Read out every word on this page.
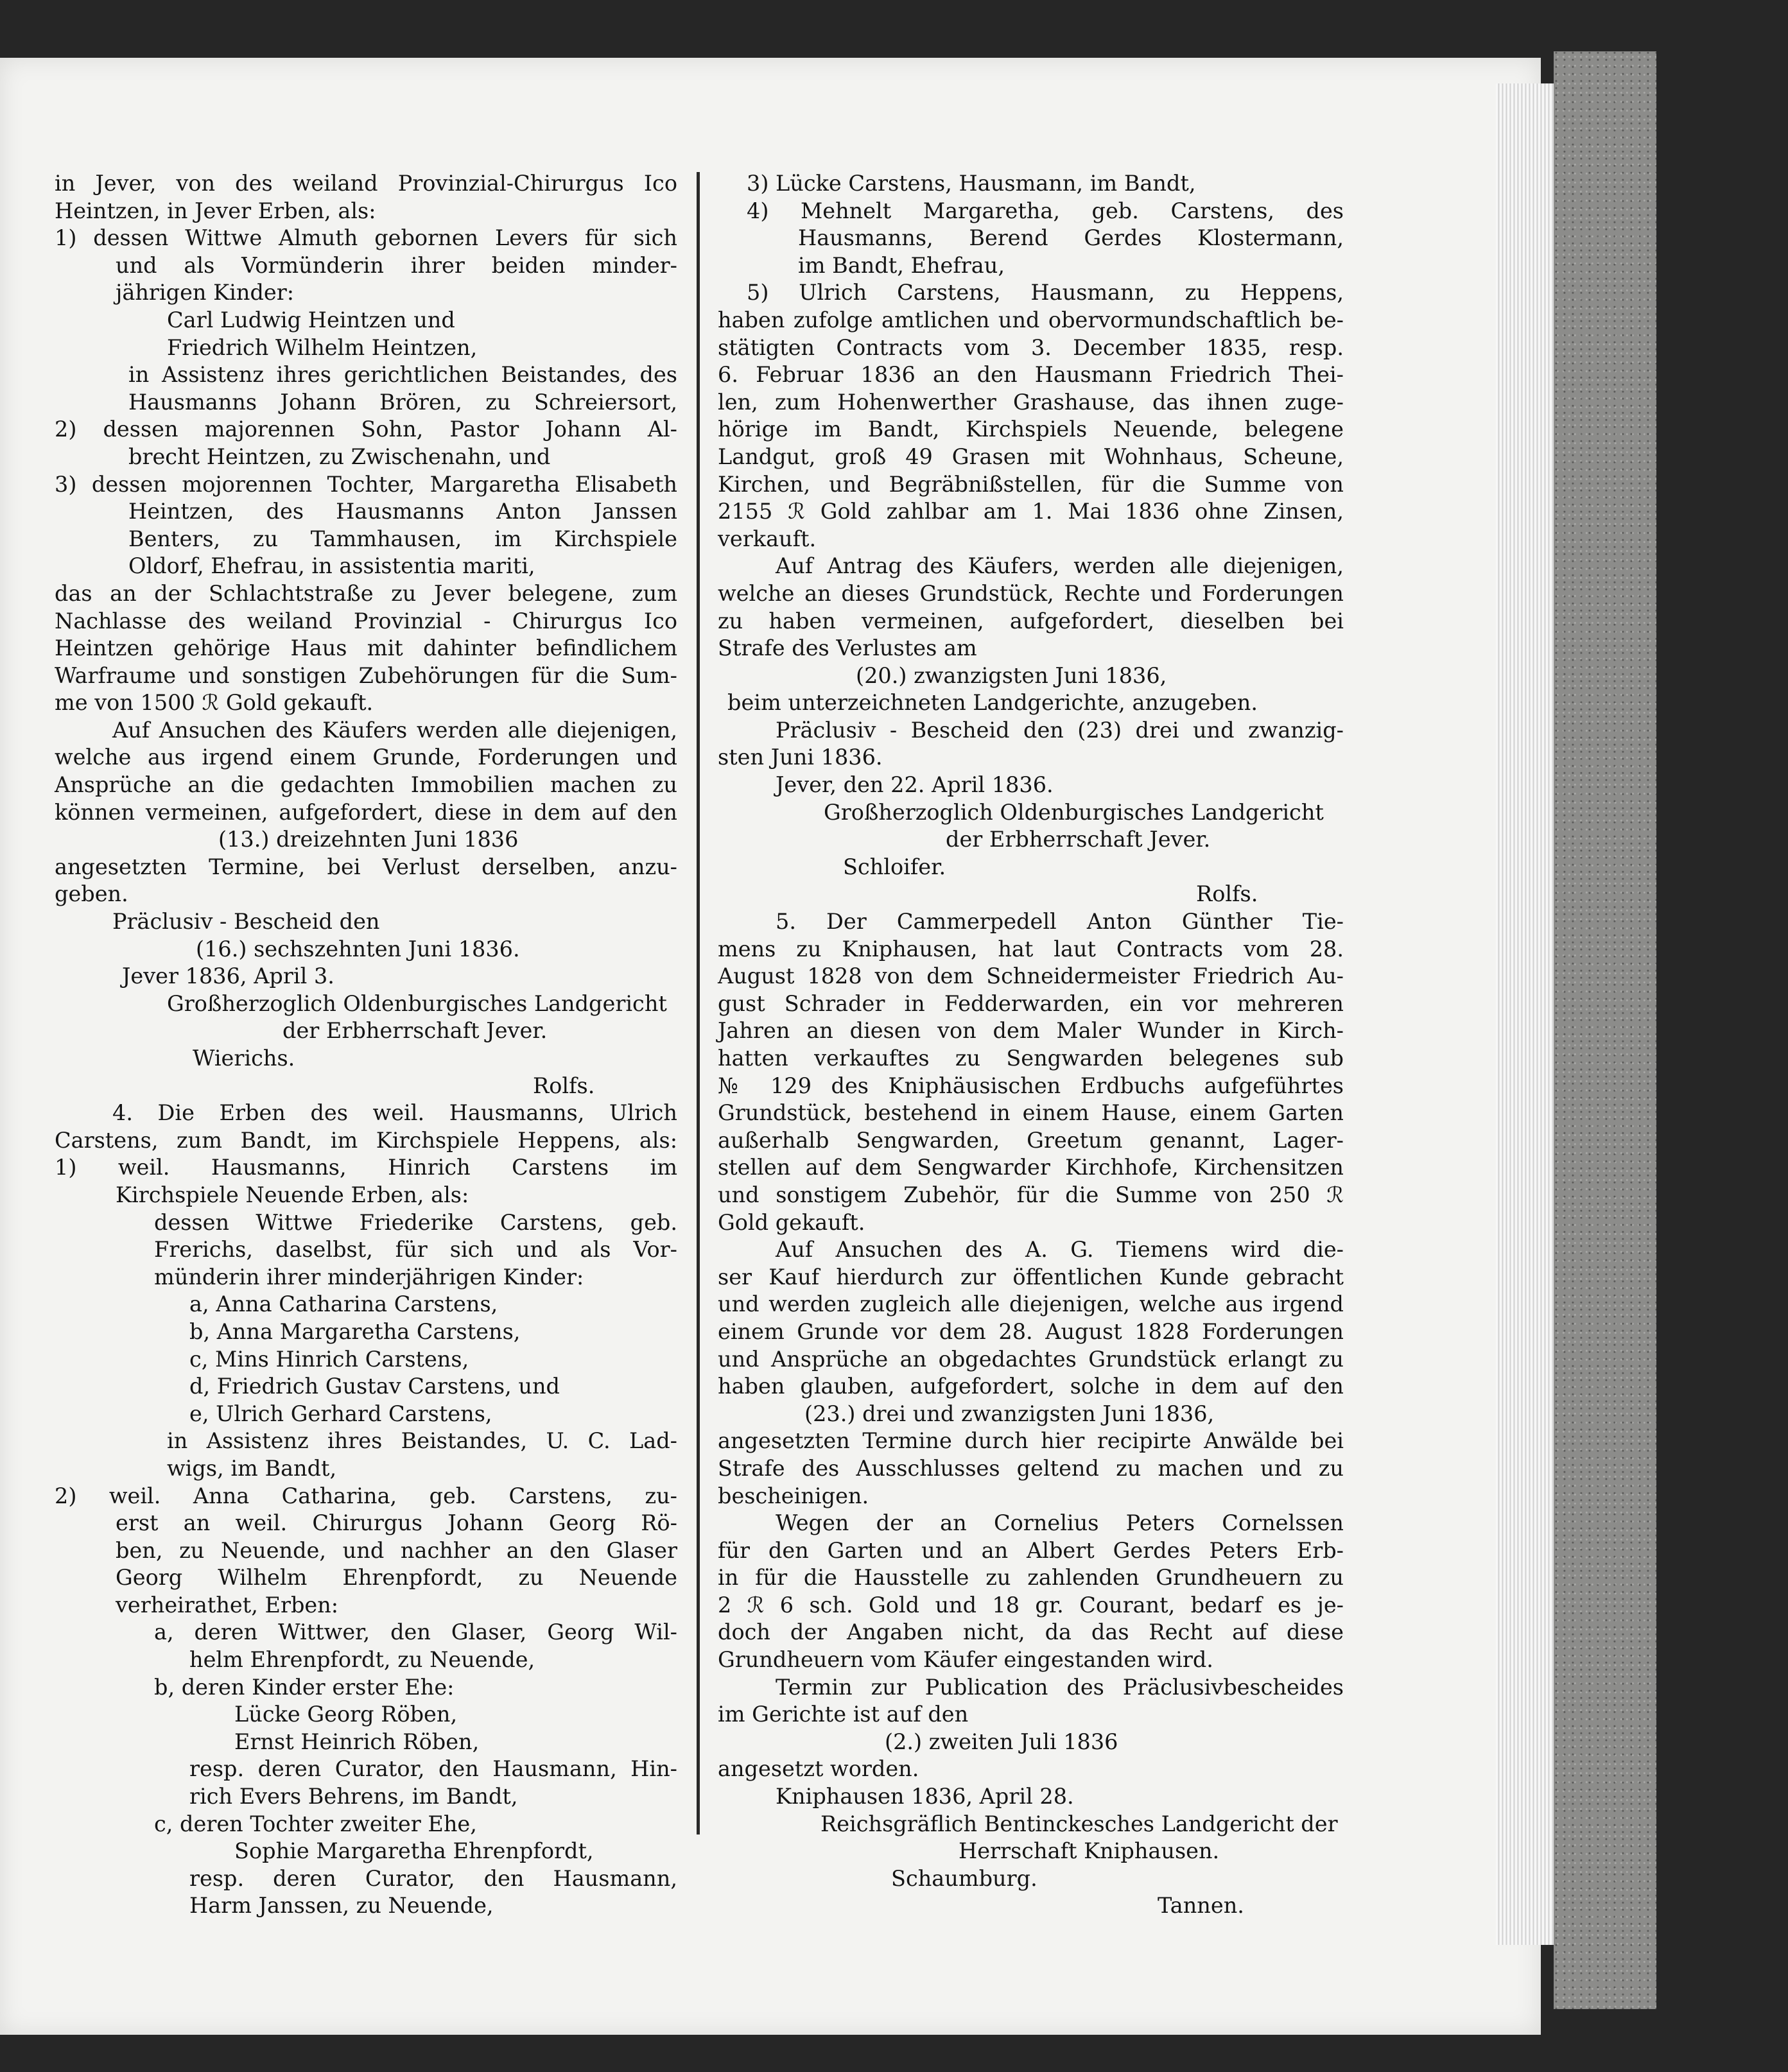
in Jever, von des weiland Provinzial-Chirurgus Ico
Heintzen, in Jever Erben, als:
1) dessen Wittwe Almuth gebornen Levers für sich
und als Vormünderin ihrer beiden minder-
jährigen Kinder:
Carl Ludwig Heintzen und
Friedrich Wilhelm Heintzen,
in Assistenz ihres gerichtlichen Beistandes, des
Hausmanns Johann Brören, zu Schreiersort,
2) dessen majorennen Sohn, Pastor Johann Al-
brecht Heintzen, zu Zwischenahn, und
3) dessen mojorennen Tochter, Margaretha Elisabeth
Heintzen, des Hausmanns Anton Janssen
Benters, zu Tammhausen, im Kirchspiele
Oldorf, Ehefrau, in assistentia mariti,
das an der Schlachtstraße zu Jever belegene, zum
Nachlasse des weiland Provinzial - Chirurgus Ico
Heintzen gehörige Haus mit dahinter befindlichem
Warfraume und sonstigen Zubehörungen für die Sum-
me von 1500 ℛ Gold gekauft.
Auf Ansuchen des Käufers werden alle diejenigen,
welche aus irgend einem Grunde, Forderungen und
Ansprüche an die gedachten Immobilien machen zu
können vermeinen, aufgefordert, diese in dem auf den
(13.) dreizehnten Juni 1836
angesetzten Termine, bei Verlust derselben, anzu-
geben.
Präclusiv - Bescheid den
(16.) sechszehnten Juni 1836.
Jever 1836, April 3.
Großherzoglich Oldenburgisches Landgericht
der Erbherrschaft Jever.
Wierichs.
Rolfs.
4. Die Erben des weil. Hausmanns, Ulrich
Carstens, zum Bandt, im Kirchspiele Heppens, als:
1) weil. Hausmanns, Hinrich Carstens im
Kirchspiele Neuende Erben, als:
dessen Wittwe Friederike Carstens, geb.
Frerichs, daselbst, für sich und als Vor-
münderin ihrer minderjährigen Kinder:
a, Anna Catharina Carstens,
b, Anna Margaretha Carstens,
c, Mins Hinrich Carstens,
d, Friedrich Gustav Carstens, und
e, Ulrich Gerhard Carstens,
in Assistenz ihres Beistandes, U. C. Lad-
wigs, im Bandt,
2) weil. Anna Catharina, geb. Carstens, zu-
erst an weil. Chirurgus Johann Georg Rö-
ben, zu Neuende, und nachher an den Glaser
Georg Wilhelm Ehrenpfordt, zu Neuende
verheirathet, Erben:
a, deren Wittwer, den Glaser, Georg Wil-
helm Ehrenpfordt, zu Neuende,
b, deren Kinder erster Ehe:
Lücke Georg Röben,
Ernst Heinrich Röben,
resp. deren Curator, den Hausmann, Hin-
rich Evers Behrens, im Bandt,
c, deren Tochter zweiter Ehe,
Sophie Margaretha Ehrenpfordt,
resp. deren Curator, den Hausmann,
Harm Janssen, zu Neuende,
3) Lücke Carstens, Hausmann, im Bandt,
4) Mehnelt Margaretha, geb. Carstens, des
Hausmanns, Berend Gerdes Klostermann,
im Bandt, Ehefrau,
5) Ulrich Carstens, Hausmann, zu Heppens,
haben zufolge amtlichen und obervormundschaftlich be-
stätigten Contracts vom 3. December 1835, resp.
6. Februar 1836 an den Hausmann Friedrich Thei-
len, zum Hohenwerther Grashause, das ihnen zuge-
hörige im Bandt, Kirchspiels Neuende, belegene
Landgut, groß 49 Grasen mit Wohnhaus, Scheune,
Kirchen, und Begräbnißstellen, für die Summe von
2155 ℛ Gold zahlbar am 1. Mai 1836 ohne Zinsen,
verkauft.
Auf Antrag des Käufers, werden alle diejenigen,
welche an dieses Grundstück, Rechte und Forderungen
zu haben vermeinen, aufgefordert, dieselben bei
Strafe des Verlustes am
(20.) zwanzigsten Juni 1836,
beim unterzeichneten Landgerichte, anzugeben.
Präclusiv - Bescheid den (23) drei und zwanzig-
sten Juni 1836.
Jever, den 22. April 1836.
Großherzoglich Oldenburgisches Landgericht
der Erbherrschaft Jever.
Schloifer.
Rolfs.
5. Der Cammerpedell Anton Günther Tie-
mens zu Kniphausen, hat laut Contracts vom 28.
August 1828 von dem Schneidermeister Friedrich Au-
gust Schrader in Fedderwarden, ein vor mehreren
Jahren an diesen von dem Maler Wunder in Kirch-
hatten verkauftes zu Sengwarden belegenes sub
№ 129 des Kniphäusischen Erdbuchs aufgeführtes
Grundstück, bestehend in einem Hause, einem Garten
außerhalb Sengwarden, Greetum genannt, Lager-
stellen auf dem Sengwarder Kirchhofe, Kirchensitzen
und sonstigem Zubehör, für die Summe von 250 ℛ
Gold gekauft.
Auf Ansuchen des A. G. Tiemens wird die-
ser Kauf hierdurch zur öffentlichen Kunde gebracht
und werden zugleich alle diejenigen, welche aus irgend
einem Grunde vor dem 28. August 1828 Forderungen
und Ansprüche an obgedachtes Grundstück erlangt zu
haben glauben, aufgefordert, solche in dem auf den
(23.) drei und zwanzigsten Juni 1836,
angesetzten Termine durch hier recipirte Anwälde bei
Strafe des Ausschlusses geltend zu machen und zu
bescheinigen.
Wegen der an Cornelius Peters Cornelssen
für den Garten und an Albert Gerdes Peters Erb-
in für die Hausstelle zu zahlenden Grundheuern zu
2 ℛ 6 sch. Gold und 18 gr. Courant, bedarf es je-
doch der Angaben nicht, da das Recht auf diese
Grundheuern vom Käufer eingestanden wird.
Termin zur Publication des Präclusivbescheides
im Gerichte ist auf den
(2.) zweiten Juli 1836
angesetzt worden.
Kniphausen 1836, April 28.
Reichsgräflich Bentinckesches Landgericht der
Herrschaft Kniphausen.
Schaumburg.
Tannen.
